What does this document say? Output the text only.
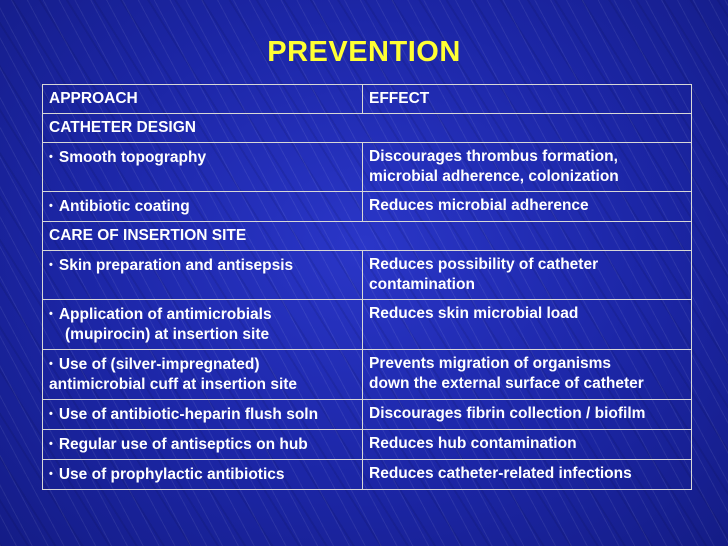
PREVENTION
APPROACH	EFFECT
CATHETER DESIGN	
• Smooth topography	Discourages thrombus formation,
microbial adherence, colonization
• Antibiotic coating	Reduces microbial adherence
CARE OF INSERTION SITE	
• Skin preparation and antisepsis	Reduces possibility of catheter
contamination
• Application of antimicrobials
(mupirocin) at insertion site	Reduces skin microbial load
• Use of (silver-impregnated)
antimicrobial cuff at insertion site	Prevents migration of organisms
down the external surface of catheter
• Use of antibiotic-heparin flush soln	Discourages fibrin collection / biofilm
• Regular use of antiseptics on hub	Reduces hub contamination
• Use of prophylactic antibiotics	Reduces catheter-related infections
